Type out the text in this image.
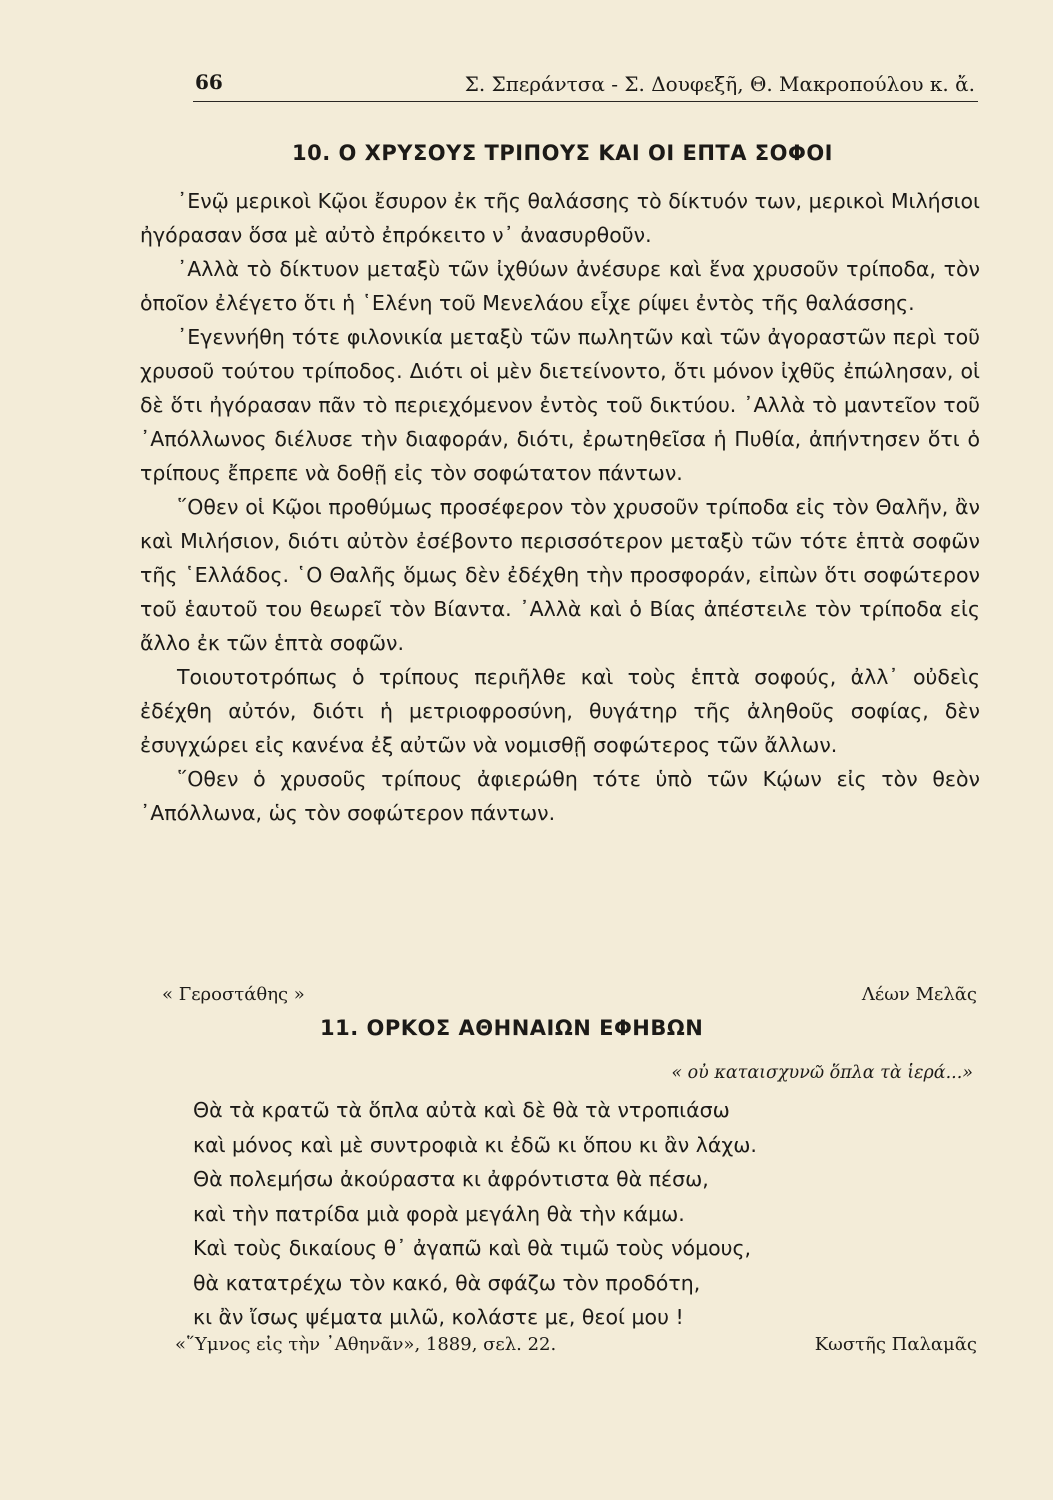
66	Σ. Σπεράντσα - Σ. Δουφεξῆ, Θ. Μακροπούλου κ. ἄ.
10. Ο ΧΡΥΣΟΥΣ ΤΡΙΠΟΥΣ ΚΑΙ ΟΙ ΕΠΤΑ ΣΟΦΟΙ

᾿Ενῷ μερικοὶ Κῷοι ἔσυρον ἐκ τῆς θαλάσσης τὸ δίκτυόν των, μερικοὶ Μιλήσιοι ἠγόρασαν ὅσα μὲ αὐτὸ ἐπρόκειτο ν᾿ ἀνασυρθοῦν.

᾿Αλλὰ τὸ δίκτυον μεταξὺ τῶν ἰχθύων ἀνέσυρε καὶ ἕνα χρυσοῦν τρίποδα, τὸν ὁποῖον ἐλέγετο ὅτι ἡ ῾Ελένη τοῦ Μενελάου εἶχε ρίψει ἐντὸς τῆς θαλάσσης.

᾿Εγεννήθη τότε φιλονικία μεταξὺ τῶν πωλητῶν καὶ τῶν ἀγοραστῶν περὶ τοῦ χρυσοῦ τούτου τρίποδος. Διότι οἱ μὲν διετείνοντο, ὅτι μόνον ἰχθῦς ἐπώλησαν, οἱ δὲ ὅτι ἠγόρασαν πᾶν τὸ περιεχόμενον ἐντὸς τοῦ δικτύου. ᾿Αλλὰ τὸ μαντεῖον τοῦ ᾿Απόλλωνος διέλυσε τὴν διαφοράν, διότι, ἐρωτηθεῖσα ἡ Πυθία, ἀπήντησεν ὅτι ὁ τρίπους ἔπρεπε νὰ δοθῇ εἰς τὸν σοφώτατον πάντων.

῞Οθεν οἱ Κῷοι προθύμως προσέφερον τὸν χρυσοῦν τρίποδα εἰς τὸν Θαλῆν, ἂν καὶ Μιλήσιον, διότι αὐτὸν ἐσέβοντο περισσότερον μεταξὺ τῶν τότε ἑπτὰ σοφῶν τῆς ῾Ελλάδος. ῾Ο Θαλῆς ὅμως δὲν ἐδέχθη τὴν προσφοράν, εἰπὼν ὅτι σοφώτερον τοῦ ἑαυτοῦ του θεωρεῖ τὸν Βίαντα. ᾿Αλλὰ καὶ ὁ Βίας ἀπέστειλε τὸν τρίποδα εἰς ἄλλο ἐκ τῶν ἑπτὰ σοφῶν.

Τοιουτοτρόπως ὁ τρίπους περιῆλθε καὶ τοὺς ἑπτὰ σοφούς, ἀλλ᾿ οὐδεὶς ἐδέχθη αὐτόν, διότι ἡ μετριοφροσύνη, θυγάτηρ τῆς ἀληθοῦς σοφίας, δὲν ἐσυγχώρει εἰς κανένα ἐξ αὐτῶν νὰ νομισθῇ σοφώτερος τῶν ἄλλων.

῞Οθεν ὁ χρυσοῦς τρίπους ἀφιερώθη τότε ὑπὸ τῶν Κῴων εἰς τὸν θεὸν ᾿Απόλλωνα, ὡς τὸν σοφώτερον πάντων.

« Γεροστάθης »	Λέων Μελᾶς
11. ΟΡΚΟΣ ΑΘΗΝΑΙΩΝ ΕΦΗΒΩΝ
« οὐ καταισχυνῶ ὅπλα τὰ ἱερά...»
Θὰ τὰ κρατῶ τὰ ὅπλα αὐτὰ καὶ δὲ θὰ τὰ ντροπιάσω
καὶ μόνος καὶ μὲ συντροφιὰ κι ἐδῶ κι ὅπου κι ἂν λάχω.
Θὰ πολεμήσω ἀκούραστα κι ἀφρόντιστα θὰ πέσω,
καὶ τὴν πατρίδα μιὰ φορὰ μεγάλη θὰ τὴν κάμω.
Καὶ τοὺς δικαίους θ᾿ ἀγαπῶ καὶ θὰ τιμῶ τοὺς νόμους,
θὰ κατατρέχω τὸν κακό, θὰ σφάζω τὸν προδότη,
κι ἂν ἴσως ψέματα μιλῶ, κολάστε με, θεοί μου !
«῞Υμνος εἰς τὴν ᾿Αθηνᾶν», 1889, σελ. 22.	Κωστῆς Παλαμᾶς
